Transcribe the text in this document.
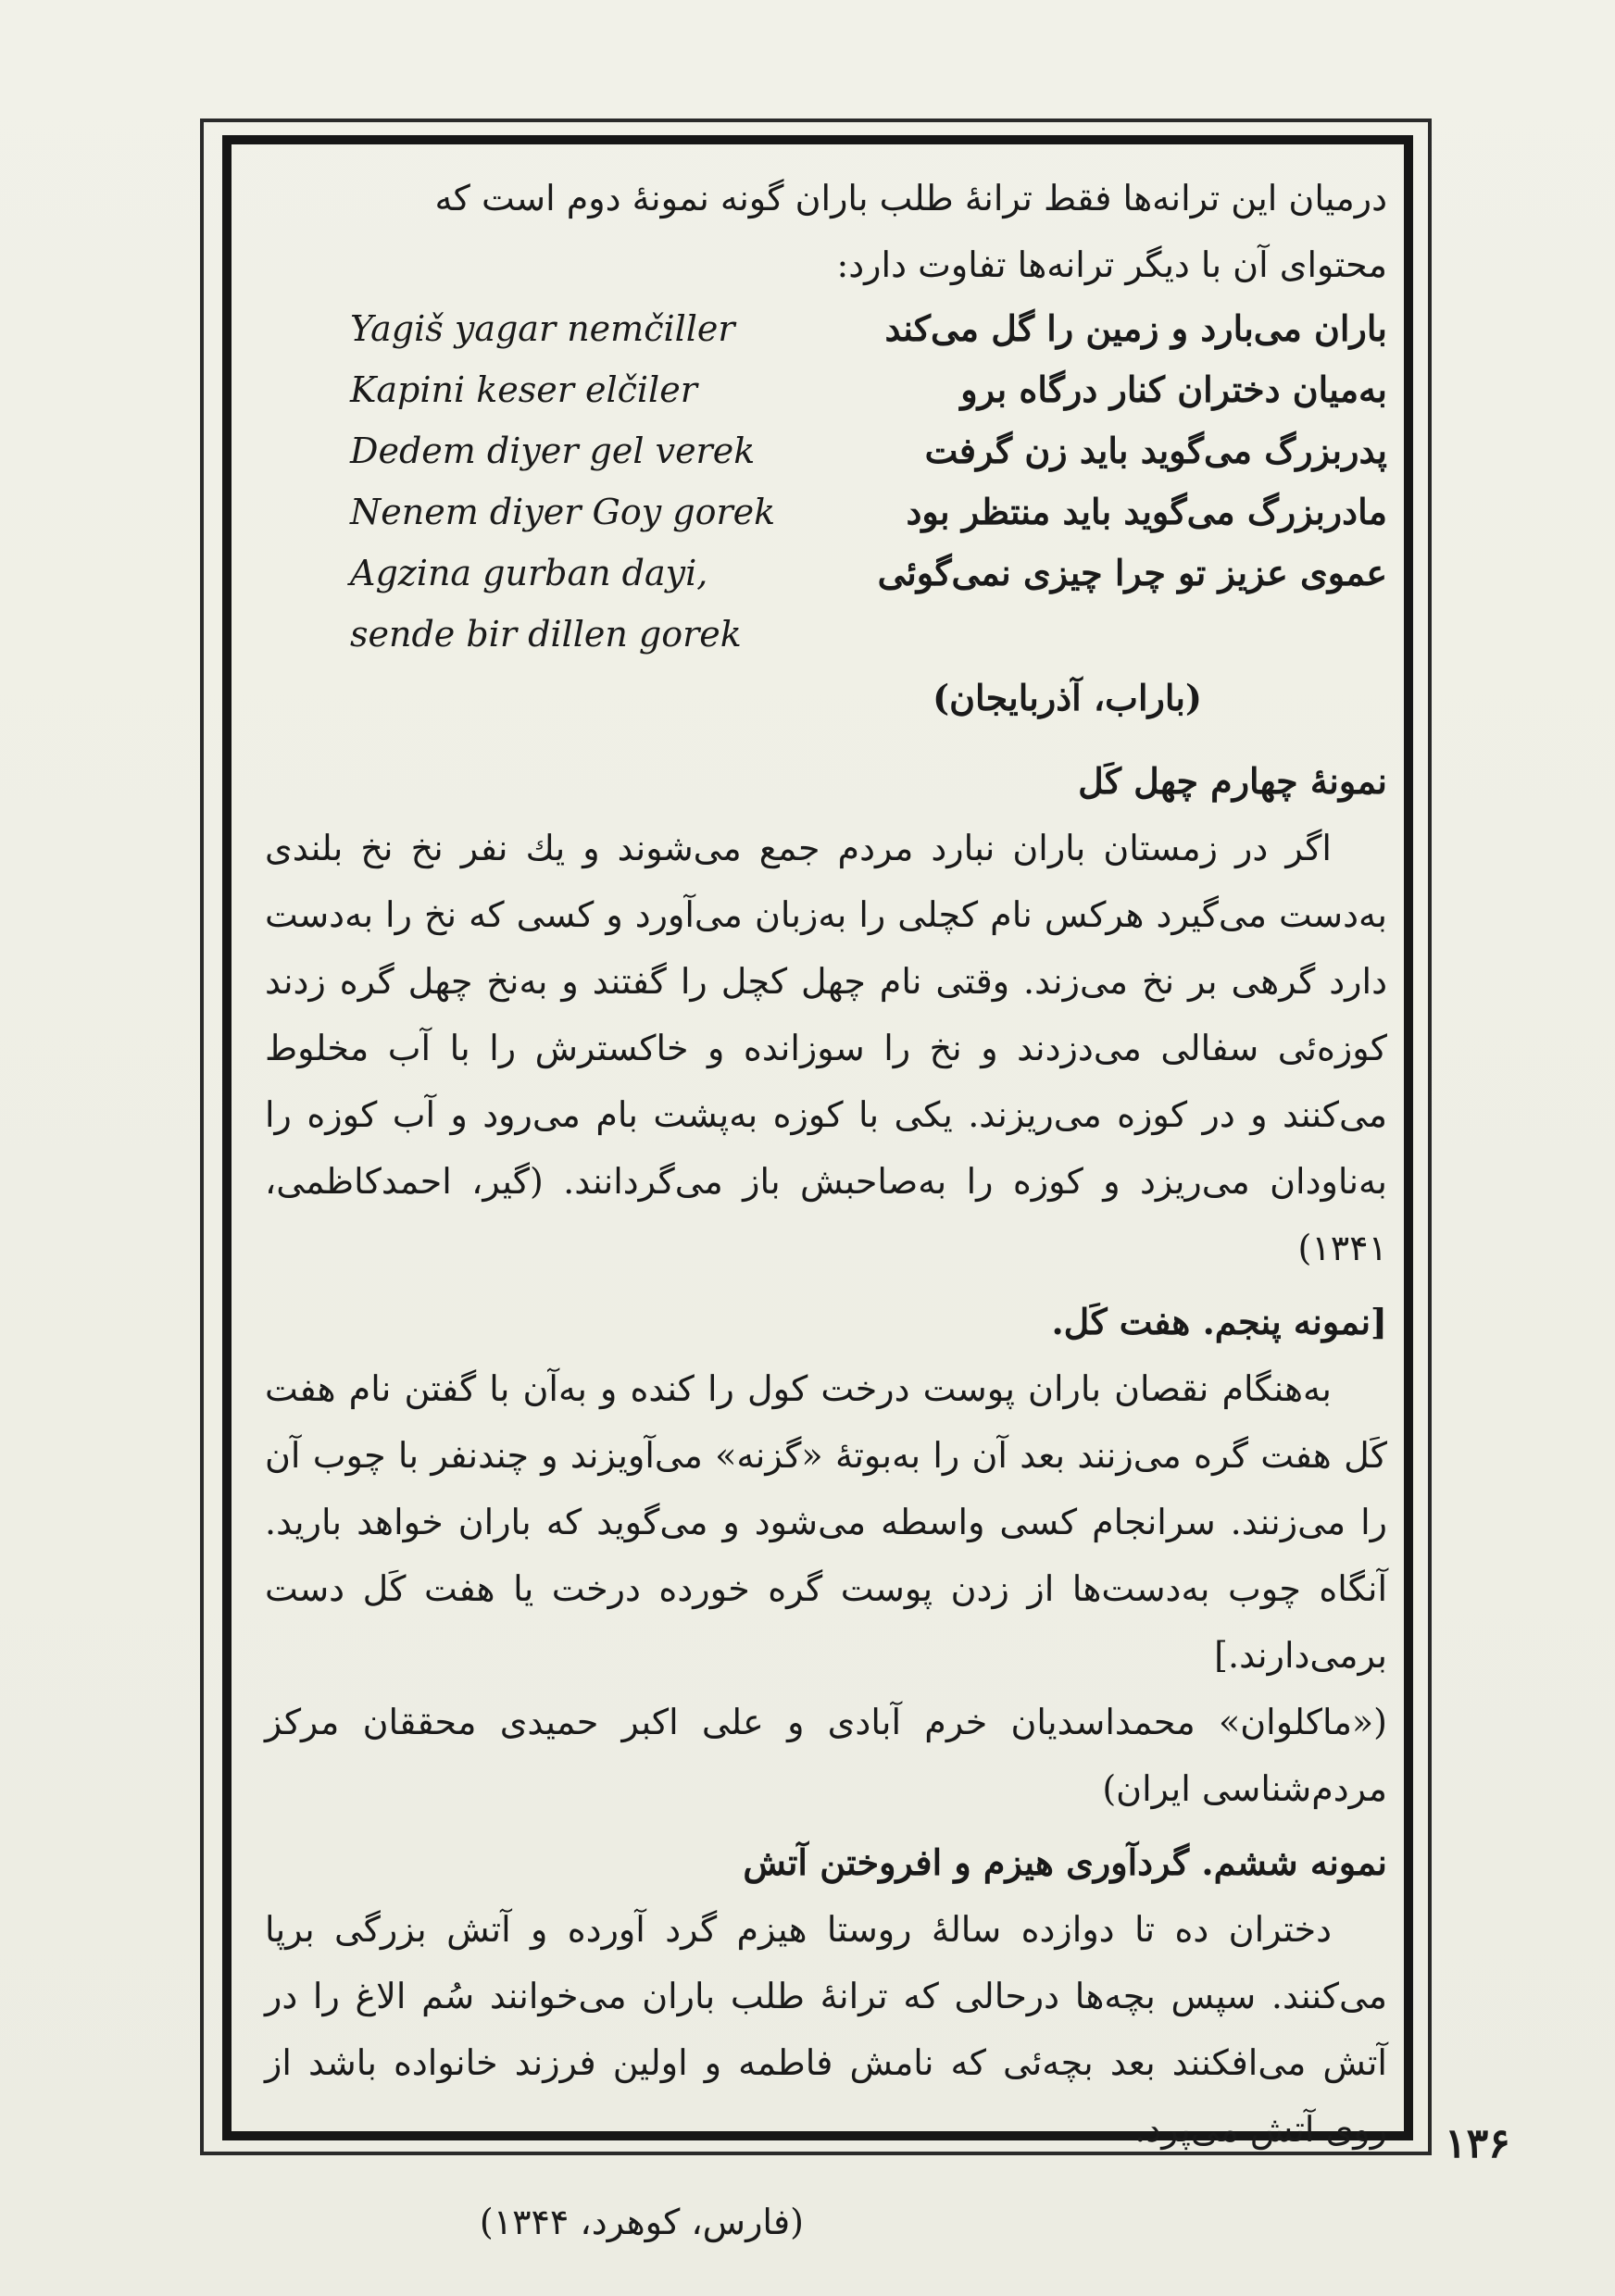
درمیان این ترانه‌ها فقط ترانهٔ طلب باران گونه نمونهٔ دوم است که

محتوای آن با دیگر ترانه‌ها تفاوت دارد:

باران می‌بارد و زمین را گل می‌کند
Yagiš yagar nemčiller
به‌میان دختران کنار درگاه برو
Kapini keser elčiler
پدربزرگ می‌گوید باید زن گرفت
Dedem diyer gel verek
مادربزرگ می‌گوید باید منتظر بود
Nenem diyer Goy gorek
عموی عزیز تو چرا چیزی نمی‌گوئی
Agzina gurban dayi,
sende bir dillen gorek

(باراب، آذربایجان)

نمونهٔ چهارم چهل کَل

اگر در زمستان باران نبارد مردم جمع می‌شوند و یك نفر نخ نخ بلندی به‌دست می‌گیرد هرکس نام کچلی را به‌زبان می‌آورد و کسی که نخ را به‌دست دارد گرهی بر نخ می‌زند. وقتی نام چهل کچل را گفتند و به‌نخ چهل گره زدند کوزه‌ئی سفالی می‌دزدند و نخ را سوزانده و خاکسترش را با آب مخلوط می‌کنند و در کوزه می‌ریزند. یکی با کوزه به‌پشت بام می‌رود و آب کوزه را به‌ناودان می‌ریزد و کوزه را به‌صاحبش باز می‌گردانند. (گیر، احمدکاظمی، ۱۳۴۱)

[نمونه پنجم. هفت کَل.

به‌هنگام نقصان باران پوست درخت کول را کنده و به‌آن با گفتن نام هفت کَل هفت گره می‌زنند بعد آن را به‌بوتهٔ «گزنه» می‌آویزند و چندنفر با چوب آن را می‌زنند. سرانجام کسی واسطه می‌شود و می‌گوید که باران خواهد بارید. آنگاه چوب به‌دست‌ها از زدن پوست گره خورده درخت یا هفت کَل دست برمی‌دارند.]

(«ماکلوان» محمداسدیان خرم آبادی و علی اکبر حمیدی محققان مرکز مردم‌شناسی ایران)

نمونه ششم. گردآوری هیزم و افروختن آتش

دختران ده تا دوازده سالهٔ روستا هیزم گرد آورده و آتش بزرگی برپا می‌کنند. سپس بچه‌ها درحالی که ترانهٔ طلب باران می‌خوانند سُم الاغ را در آتش می‌افکنند بعد بچه‌ئی که نامش فاطمه و اولین فرزند خانواده باشد از روی آتش می‌پرد.

(فارس، کوهرد، ۱۳۴۴)

۱۳۶
